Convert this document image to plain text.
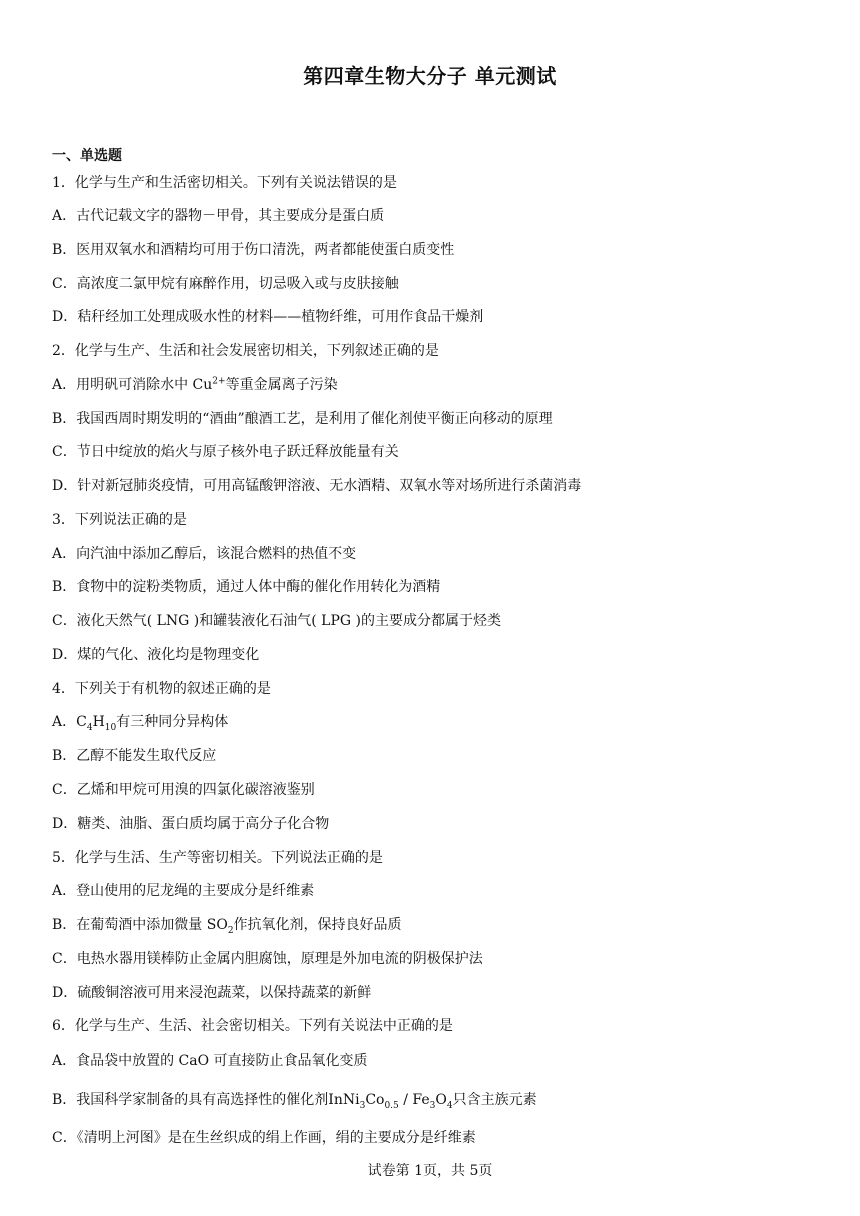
第四章生物大分子 单元测试
一、单选题
1．化学与生产和生活密切相关。下列有关说法错误的是
A．古代记载文字的器物－甲骨，其主要成分是蛋白质
B．医用双氧水和酒精均可用于伤口清洗，两者都能使蛋白质变性
C．高浓度二氯甲烷有麻醉作用，切忌吸入或与皮肤接触
D．秸秆经加工处理成吸水性的材料——植物纤维，可用作食品干燥剂
2．化学与生产、生活和社会发展密切相关，下列叙述正确的是
A．用明矾可消除水中 $Cu^{2+}$等重金属离子污染
B．我国西周时期发明的“酒曲”酿酒工艺，是利用了催化剂使平衡正向移动的原理
C．节日中绽放的焰火与原子核外电子跃迁释放能量有关
D．针对新冠肺炎疫情，可用高锰酸钾溶液、无水酒精、双氧水等对场所进行杀菌消毒
3．下列说法正确的是
A．向汽油中添加乙醇后，该混合燃料的热值不变
B．食物中的淀粉类物质，通过人体中酶的催化作用转化为酒精
C．液化天然气( LNG )和罐装液化石油气( LPG )的主要成分都属于烃类
D．煤的气化、液化均是物理变化
4．下列关于有机物的叙述正确的是
A．$C_4H_{10}$有三种同分异构体
B．乙醇不能发生取代反应
C．乙烯和甲烷可用溴的四氯化碳溶液鉴别
D．糖类、油脂、蛋白质均属于高分子化合物
5．化学与生活、生产等密切相关。下列说法正确的是
A．登山使用的尼龙绳的主要成分是纤维素
B．在葡萄酒中添加微量 $SO_2$作抗氧化剂，保持良好品质
C．电热水器用镁棒防止金属内胆腐蚀，原理是外加电流的阴极保护法
D．硫酸铜溶液可用来浸泡蔬菜，以保持蔬菜的新鲜
6．化学与生产、生活、社会密切相关。下列有关说法中正确的是
A．食品袋中放置的 CaO 可直接防止食品氧化变质
B．我国科学家制备的具有高选择性的催化剂$InNi_3Co_{0.5} / Fe_3O_4$只含主族元素
C．《清明上河图》是在生丝织成的绢上作画，绢的主要成分是纤维素
试卷第 1页，共 5页
